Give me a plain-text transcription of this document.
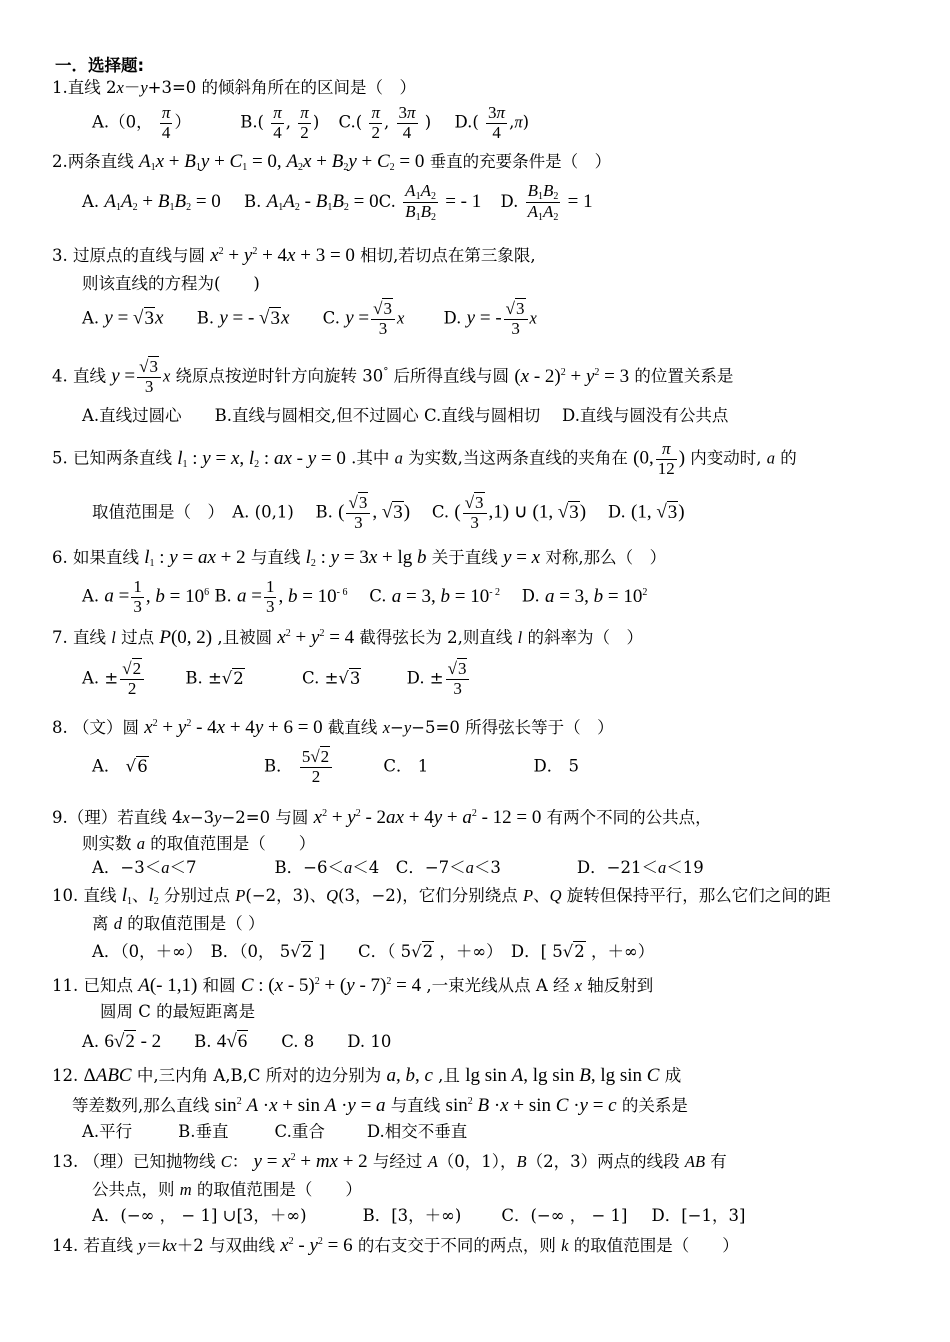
一．选择题:
1.直线 2x－y+3=0 的倾斜角所在的区间是（　）
A.（0， $\frac{\pi}{4}$ ）	$B.( \frac{\pi}{4}$ , $\frac{\pi}{2}$ ) $C.( \frac{\pi}{2}$ , $\frac{3\pi}{4}$ ) $D.( \frac{3\pi}{4} ,\pi)$
2.两条直线 $A_1x + B_1y + C_1 = 0$, $A_2x + B_2y + C_2 = 0$ 垂直的充要条件是（　）
A. $A_1A_2 + B_1B_2 = 0$ B. $A_1A_2 - B_1B_2 = 0C$. $\frac{A_1A_2}{B_1B_2}$ = - 1 D. $\frac{B_1B_2}{A_1A_2} = 1$
3. 过原点的直线与圆 $x^2 + y^2 + 4x + 3 = 0$ 相切,若切点在第三象限,
则该直线的方程为(　　)
A. y = √3x B. y = - √3x C. $y = \frac{√3}{3}$ x D. y = - $\frac{√3}{3}$ x
4. 直线 $y = \frac{√3}{3}$ x 绕原点按逆时针方向旋转 30° 后所得直线与圆 $(x - 2)^2 + y^2 = 3$ 的位置关系是
A.直线过圆心　　B.直线与圆相交,但不过圆心 C.直线与圆相切　 D.直线与圆没有公共点
5. 已知两条直线 $l_1$ : y = x, $l_2$ : ax - y = 0 .其中 a 为实数,当这两条直线的夹角在 (0, $\frac{\pi}{12}$ ) 内变动时, a 的
取值范围是（　）　A. (0,1)　 B. ( $\frac{√3}{3}$ , √3) 　C. ( $\frac{√3}{3} ,1$) ∪ (1, √3) 　D. (1, √3)
6. 如果直线 $l_1$ : y = ax + 2 与直线 $l_2$ : y = 3x + lg b 关于直线 y = x 对称,那么（　）
A. $a = \frac{1}{3}$ , $b = 10^6$ B. $a = \frac{1}{3}$ , $b = 10^{- 6}$ 　C. a = 3, $b = 10^{- 2}$ 　D. a = 3, $b = 10^2$
7. 直线 l 过点 P(0, 2) ,且被圆 $x^2 + y^2 = 4$ 截得弦长为 2,则直线 l 的斜率为（　）
A. ± $\frac{√2}{2}$	B. ±√2	C. ±√3	D. ± $\frac{√3}{3}$
8. （文）圆 $x^2 + y^2 - 4x + 4y + 6 = 0$ 截直线 x−y−5=0 所得弦长等于（　）
A． √6	B． $\frac{5√2}{2}$	C． 1	D． 5
9.（理）若直线 4x−3y−2=0 与圆 $x^2 + y^2 - 2ax + 4y + a^2 - 12 = 0$ 有两个不同的公共点，
则实数 a 的取值范围是（　　）
A．−3＜a＜7	B．−6＜a＜4　C．−7＜a＜3	D．−21＜a＜19
10. 直线 $l_1$、$l_2$ 分别过点 P(−2，3)、Q(3，−2)，它们分别绕点 P、Q 旋转但保持平行，那么它们之间的距
离 d 的取值范围是（ ）
A．（0，＋∞）　B．（0， 5√2 ]　　C．（ 5√2 ，＋∞）　D．[ 5√2 ，＋∞）
11. 已知点 A(- 1,1) 和圆 C : (x - 5)$^2$ + (y - 7)$^2$ = 4 ,一束光线从点 A 经 x 轴反射到
圆周 C 的最短距离是
A. 6√2 - 2　　B. 4√6　　C. 8　　D. 10
12. ΔABC 中,三内角 A,B,C 所对的边分别为 a, b, c ,且 lg sin A, lg sin B, lg sin C 成
等差数列,那么直线 $\sin^2 A \cdot x + \sin A \cdot y = a$ 与直线 $\sin^2 B \cdot x + \sin C \cdot y = c$ 的关系是
A.平行	B.垂直	C.重合	D.相交不垂直
13. （理）已知抛物线 C： $y = x^2$ + mx + 2 与经过 A（0，1），B（2，3）两点的线段 AB 有
公共点，则 m 的取值范围是（　　）
A．(−∞ ， − 1] ∪[3，＋∞)	B．[3，＋∞) C．(−∞ ， − 1] D．[−1，3]
14. 若直线 y＝kx＋2 与双曲线 $x^2 - y^2 = 6$ 的右支交于不同的两点，则 k 的取值范围是（　　）
